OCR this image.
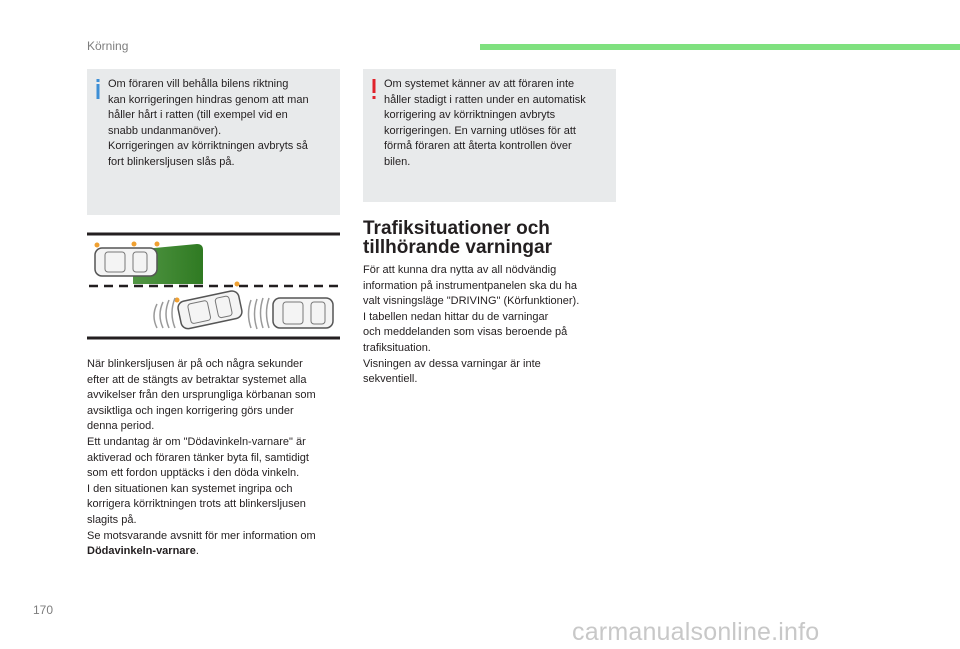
Körning

Om föraren vill behålla bilens riktning

kan korrigeringen hindras genom att man

håller hårt i ratten (till exempel vid en

snabb undanmanöver).

Korrigeringen av körriktningen avbryts så

fort blinkersljusen slås på.

Om systemet känner av att föraren inte

håller stadigt i ratten under en automatisk

korrigering av körriktningen avbryts

korrigeringen. En varning utlöses för att

förmå föraren att återta kontrollen över

bilen.

När blinkersljusen är på och några sekunder

efter att de stängts av betraktar systemet alla

avvikelser från den ursprungliga körbanan som

avsiktliga och ingen korrigering görs under

denna period.

Ett undantag är om "Dödavinkeln-varnare" är

aktiverad och föraren tänker byta fil, samtidigt

som ett fordon upptäcks i den döda vinkeln.

I den situationen kan systemet ingripa och

korrigera körriktningen trots att blinkersljusen

slagits på.

Se motsvarande avsnitt för mer information om

Dödavinkeln-varnare.

Trafiksituationer och
tillhörande varningar

För att kunna dra nytta av all nödvändig

information på instrumentpanelen ska du ha

valt visningsläge "DRIVING" (Körfunktioner).

I tabellen nedan hittar du de varningar

och meddelanden som visas beroende på

trafiksituation.

Visningen av dessa varningar är inte

sekventiell.

170
carmanualsonline.info
